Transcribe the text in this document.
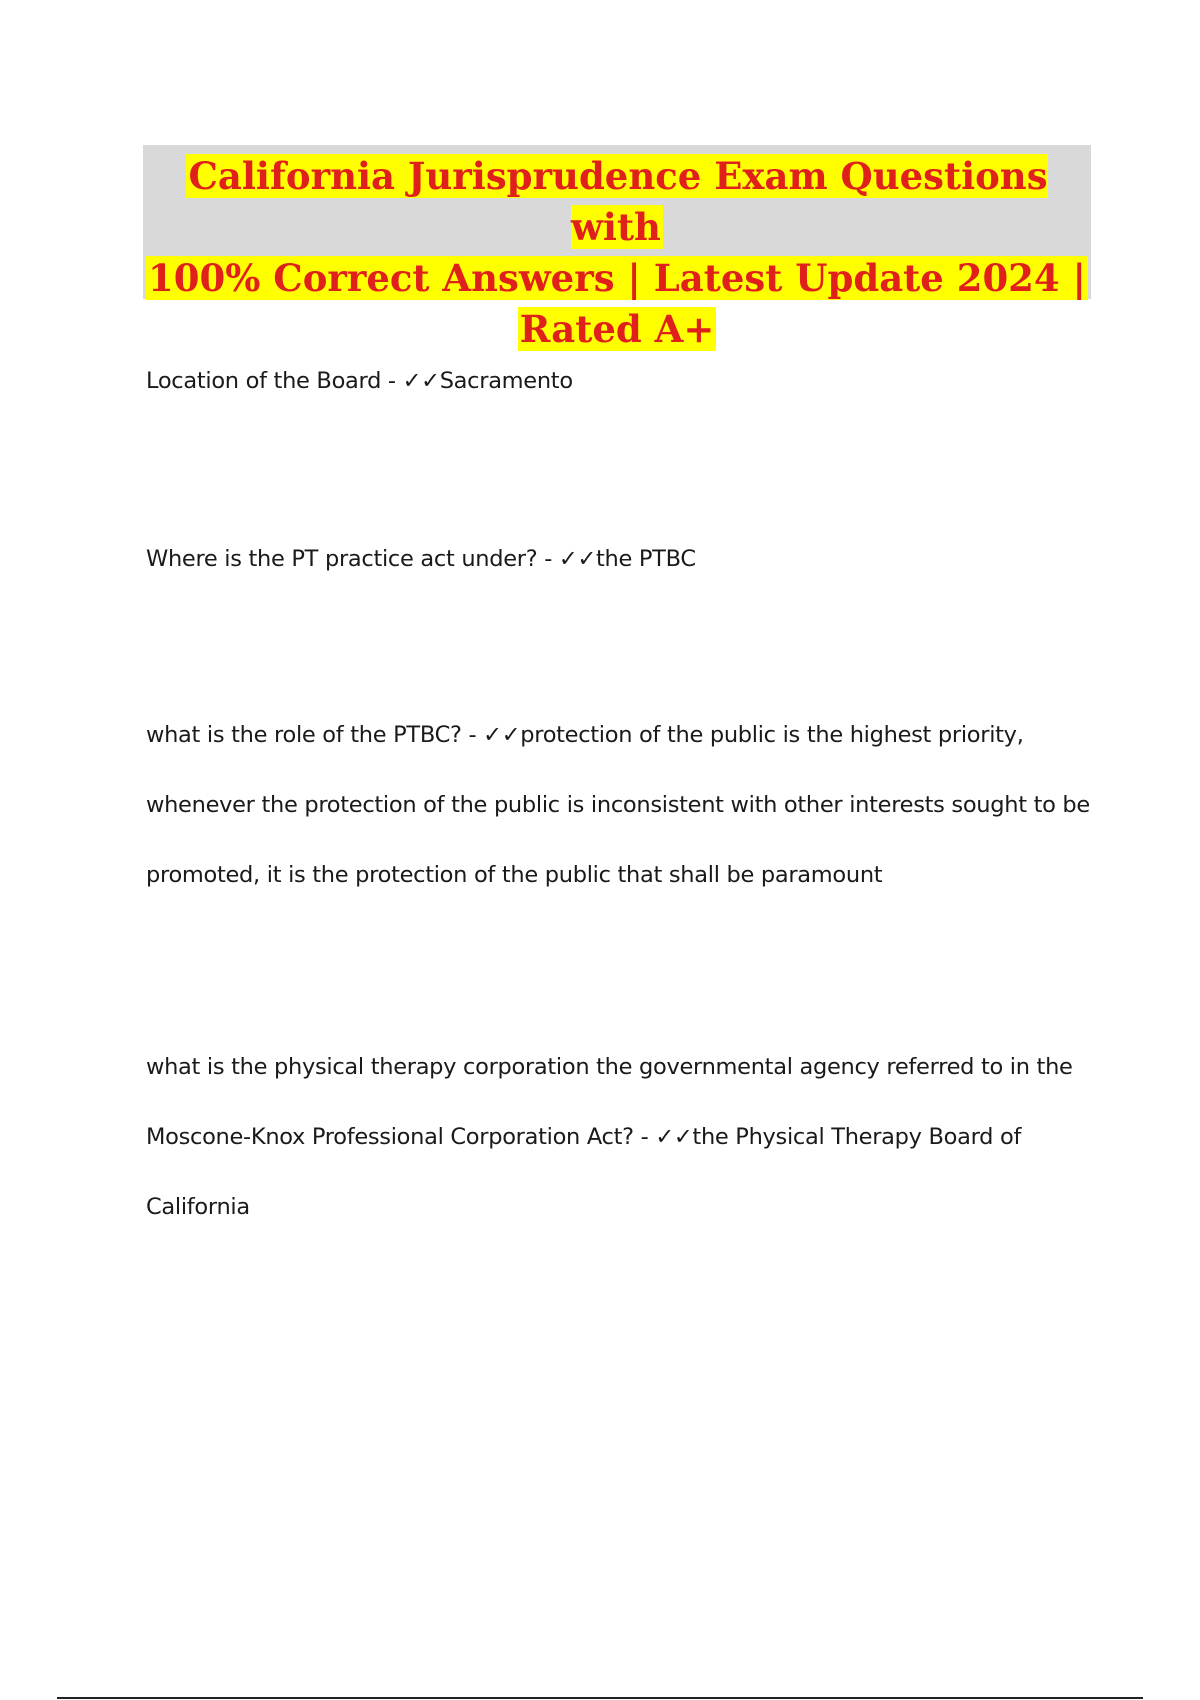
California Jurisprudence Exam Questions with
100% Correct Answers | Latest Update 2024 |
Rated A+
Location of the Board - ✓✓Sacramento
Where is the PT practice act under? - ✓✓the PTBC
what is the role of the PTBC? - ✓✓protection of the public is the highest priority, whenever the protection of the public is inconsistent with other interests sought to be promoted, it is the protection of the public that shall be paramount
what is the physical therapy corporation the governmental agency referred to in the Moscone-Knox Professional Corporation Act? - ✓✓the Physical Therapy Board of California
